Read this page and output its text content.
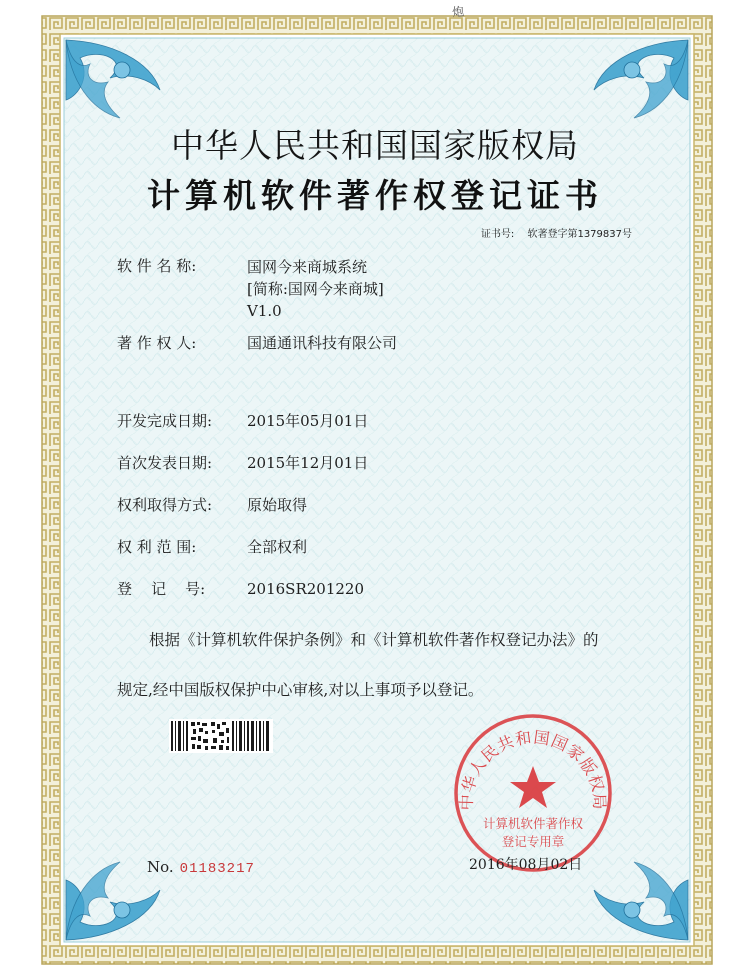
炮
中华人民共和国国家版权局
计算机软件著作权登记证书
证书号: 软著登字第1379837号
软 件 名 称:	国网今来商城系统
[简称:国网今来商城]
V1.0
著 作 权 人:	国通通讯科技有限公司
开发完成日期:	2015年05月01日
首次发表日期:	2015年12月01日
权利取得方式:	原始取得
权 利 范 围:	全部权利
登    记    号:	2016SR201220
根据《计算机软件保护条例》和《计算机软件著作权登记办法》的
规定,经中国版权保护中心审核,对以上事项予以登记。
中华人民共和国国家版权局
计算机软件著作权
登记专用章
No. 01183217	2016年08月02日
